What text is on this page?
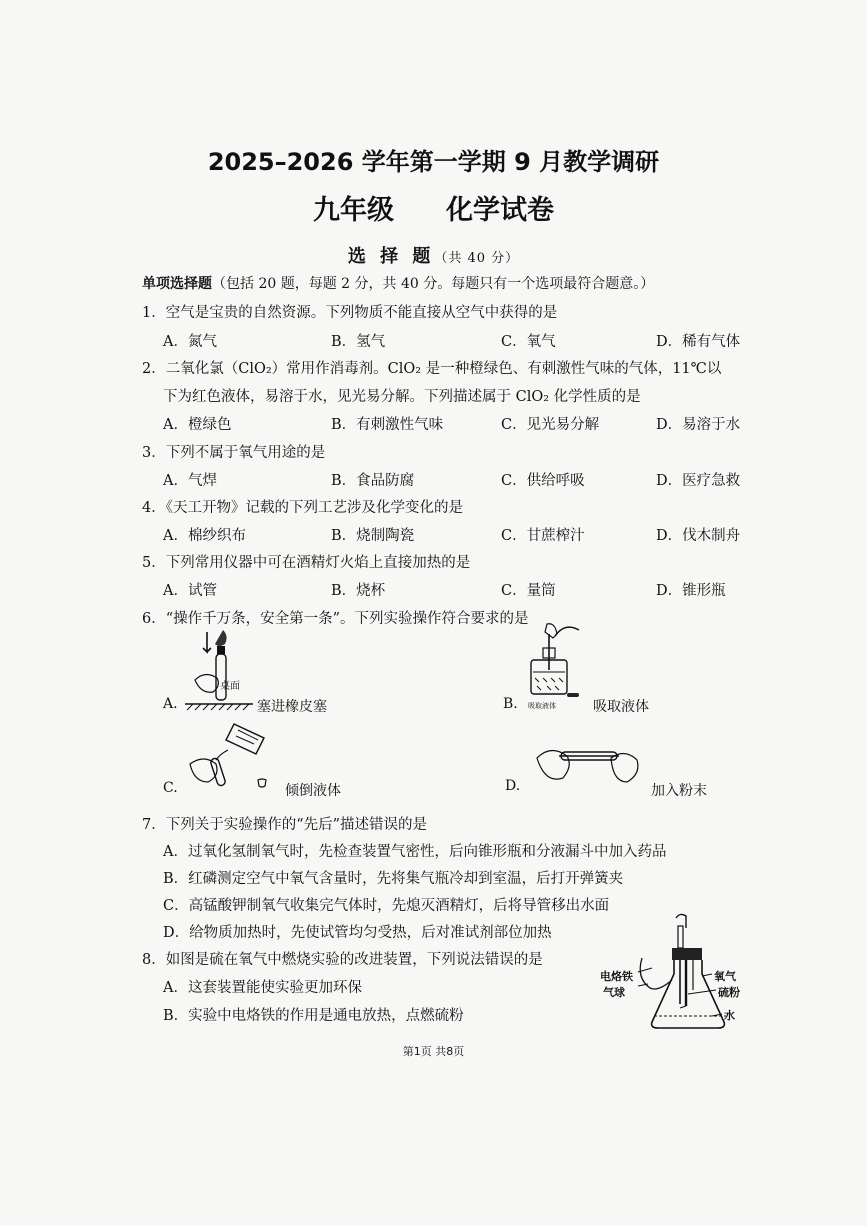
2025–2026 学年第一学期 9 月教学调研
九年级 化学试卷
选 择 题（共 40 分）
单项选择题（包括 20 题，每题 2 分，共 40 分。每题只有一个选项最符合题意。）
1．空气是宝贵的自然资源。下列物质不能直接从空气中获得的是
A．氮气	B．氢气	C．氧气	D．稀有气体
2．二氧化氯（ClO₂）常用作消毒剂。ClO₂ 是一种橙绿色、有刺激性气味的气体，11℃以
下为红色液体，易溶于水，见光易分解。下列描述属于 ClO₂ 化学性质的是
A．橙绿色	B．有刺激性气味	C．见光易分解	D．易溶于水
3．下列不属于氧气用途的是
A．气焊	B．食品防腐	C．供给呼吸	D．医疗急救
4．《天工开物》记载的下列工艺涉及化学变化的是
A．棉纱织布	B．烧制陶瓷	C．甘蔗榨汁	D．伐木制舟
5．下列常用仪器中可在酒精灯火焰上直接加热的是
A．试管	B．烧杯	C．量筒	D．锥形瓶
6．“操作千万条，安全第一条”。下列实验操作符合要求的是
桌面
A.	塞进橡皮塞	吸取液体
B.	吸取液体
C.	倾倒液体	D.	加入粉末
7．下列关于实验操作的“先后”描述错误的是
A．过氧化氢制氧气时，先检查装置气密性，后向锥形瓶和分液漏斗中加入药品
B．红磷测定空气中氧气含量时，先将集气瓶冷却到室温，后打开弹簧夹
C．高锰酸钾制氧气收集完气体时，先熄灭酒精灯，后将导管移出水面
D．给物质加热时，先使试管均匀受热，后对准试剂部位加热
8．如图是硫在氧气中燃烧实验的改进装置，下列说法错误的是
A．这套装置能使实验更加环保
B．实验中电烙铁的作用是通电放热，点燃硫粉
电烙铁
气球
氧气
硫粉
水
第1页 共8页
